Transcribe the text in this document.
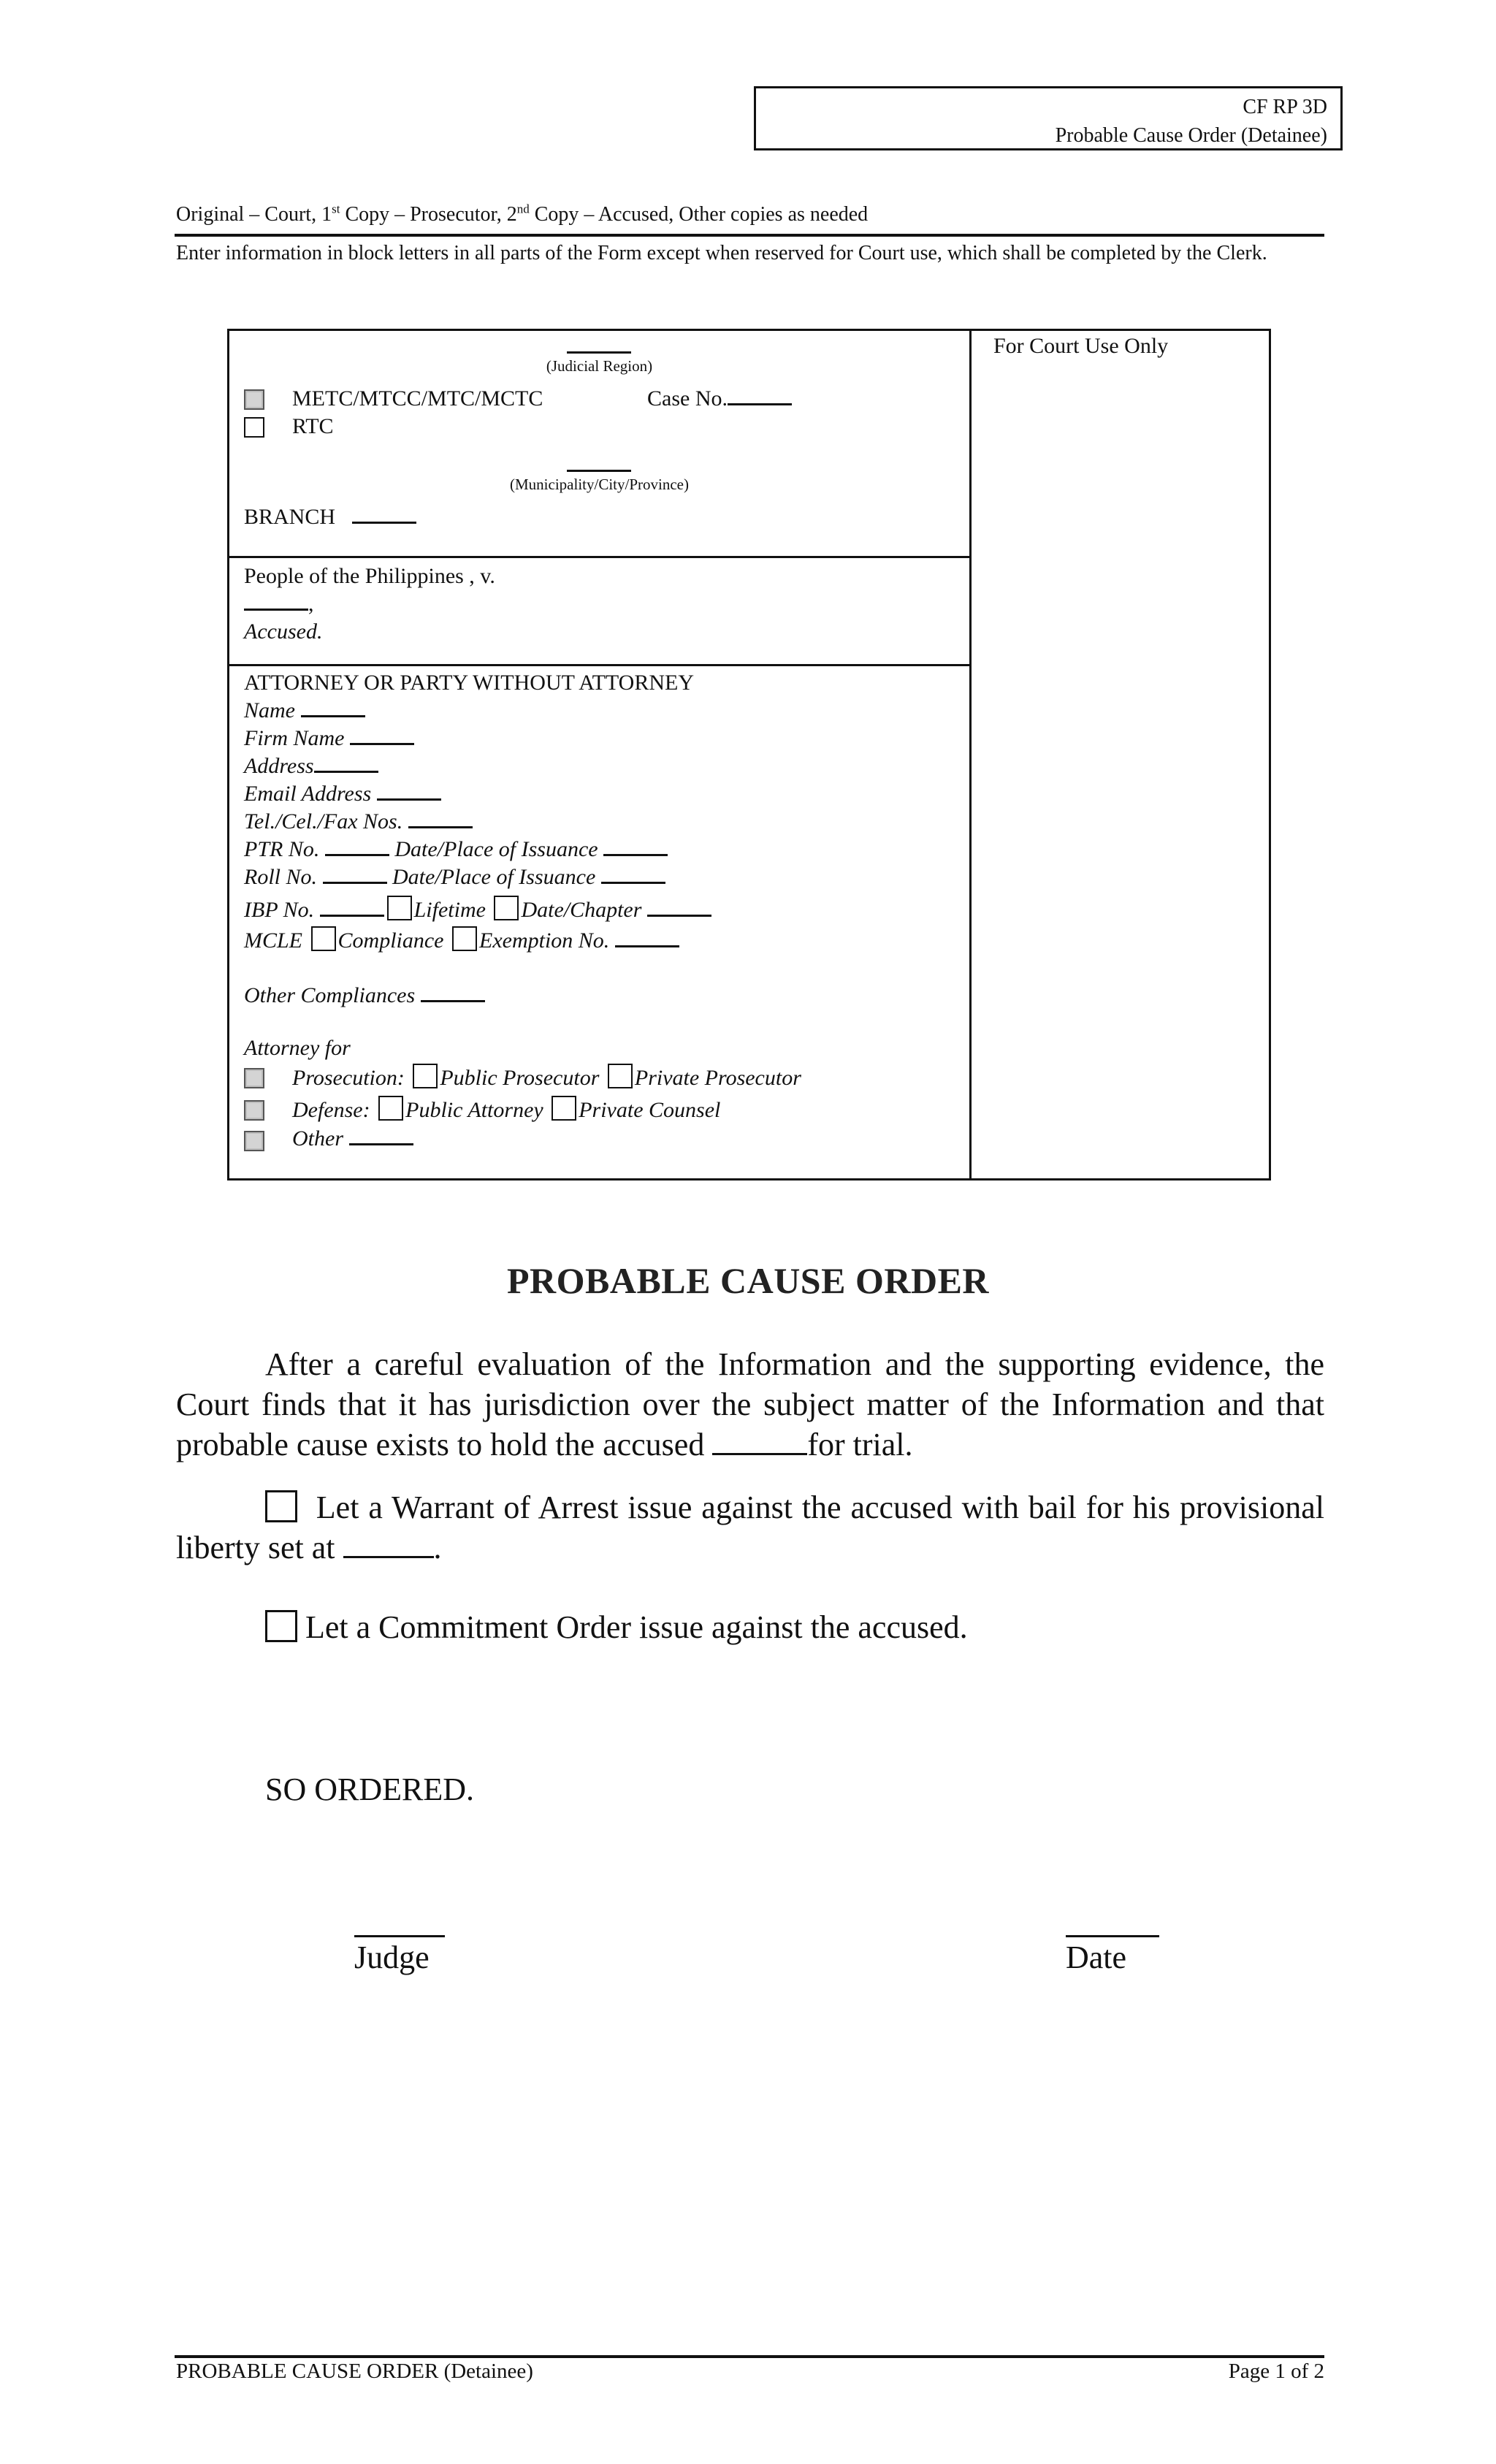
CF RP 3D
Probable Cause Order (Detainee)
Original – Court, 1st Copy – Prosecutor, 2nd Copy – Accused, Other copies as needed
Enter information in block letters in all parts of the Form except when reserved for Court use, which shall be completed by the Clerk.
(Judicial Region)
METC/MTCC/MTC/MCTC	Case No.
RTC
(Municipality/City/Province)
BRANCH
People of the Philippines , v.
,
Accused.
ATTORNEY OR PARTY WITHOUT ATTORNEY
Name
Firm Name
Address
Email Address
Tel./Cel./Fax Nos.
PTR No.	Date/Place of Issuance
Roll No.	Date/Place of Issuance
IBP No.	Lifetime Date/Chapter
MCLE Compliance Exemption No.
Other Compliances
Attorney for
Prosecution: Public Prosecutor Private Prosecutor
Defense: Public Attorney Private Counsel
Other
For Court Use Only
PROBABLE CAUSE ORDER
After a careful evaluation of the Information and the supporting evidence, the Court finds that it has jurisdiction over the subject matter of the Information and that probable cause exists to hold the accused	for trial.
Let a Warrant of Arrest issue against the accused with bail for his provisional liberty set at	.
Let a Commitment Order issue against the accused.
SO ORDERED.
Judge	Date
PROBABLE CAUSE ORDER (Detainee)	Page 1 of 2
